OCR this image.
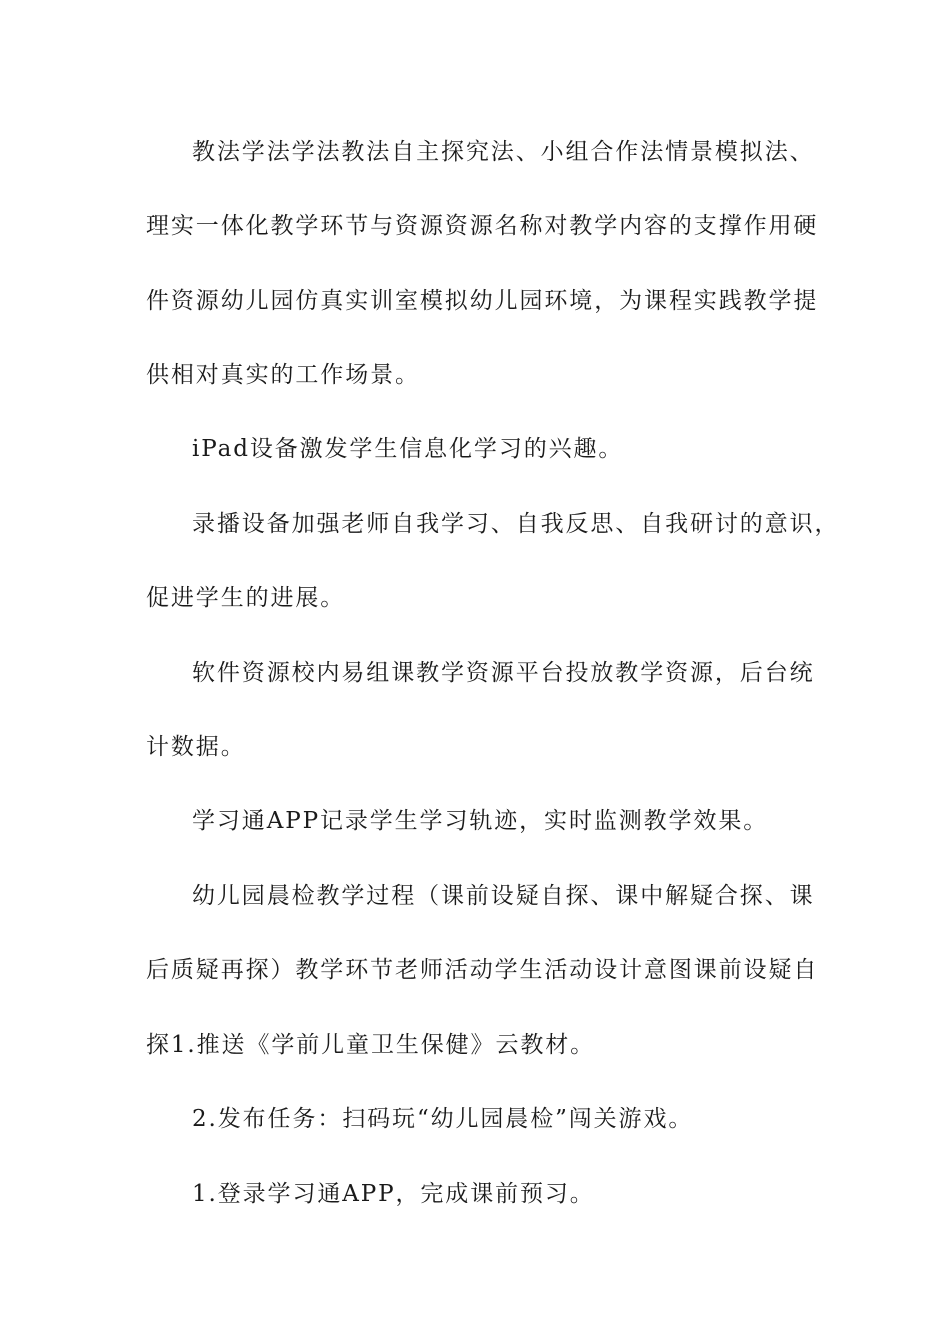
教法学法学法教法自主探究法、小组合作法情景模拟法、

理实一体化教学环节与资源资源名称对教学内容的支撑作用硬

件资源幼儿园仿真实训室模拟幼儿园环境，为课程实践教学提

供相对真实的工作场景。

iPad设备激发学生信息化学习的兴趣。

录播设备加强老师自我学习、自我反思、自我研讨的意识，

促进学生的进展。

软件资源校内易组课教学资源平台投放教学资源，后台统

计数据。

学习通APP记录学生学习轨迹，实时监测教学效果。

幼儿园晨检教学过程（课前设疑自探、课中解疑合探、课

后质疑再探）教学环节老师活动学生活动设计意图课前设疑自

探1.推送《学前儿童卫生保健》云教材。

2.发布任务：扫码玩“幼儿园晨检”闯关游戏。

1.登录学习通APP，完成课前预习。
